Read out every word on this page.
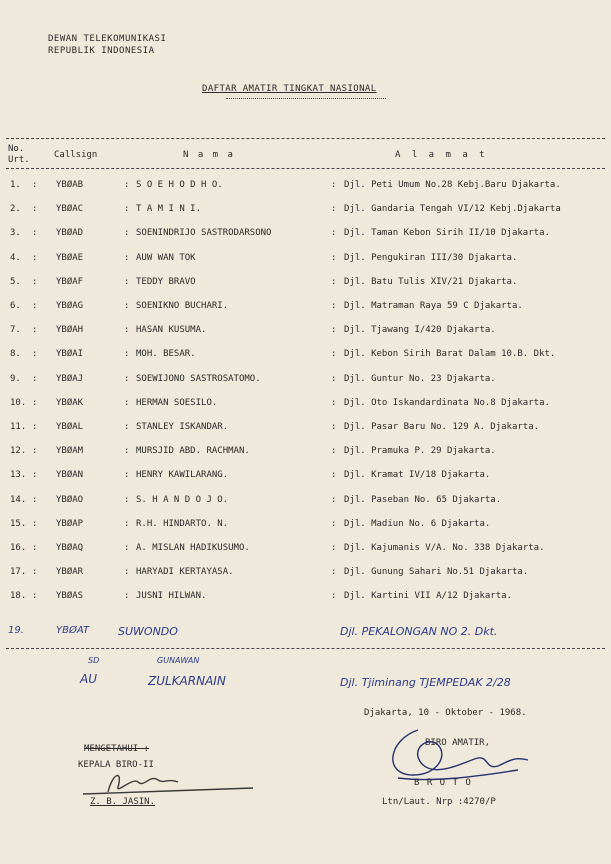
DEWAN TELEKOMUNIKASI
REPUBLIK INDONESIA
DAFTAR AMATIR TINGKAT NASIONAL
No.
Urt.	Callsign	N a m a	A l a m a t
1.	YBØAB	S O E H O D H O.	Djl. Peti Umum No.28 Kebj.Baru Djakarta.
:	:	:
2.	YBØAC	T A M I N I.	Djl. Gandaria Tengah VI/12 Kebj.Djakarta
:	:	:
3.	YBØAD	SOENINDRIJO SASTRODARSONO	Djl. Taman Kebon Sirih II/10 Djakarta.
:	:	:
4.	YBØAE	AUW WAN TOK	Djl. Pengukiran III/30 Djakarta.
:	:	:
5.	YBØAF	TEDDY BRAVO	Djl. Batu Tulis XIV/21 Djakarta.
:	:	:
6.	YBØAG	SOENIKNO BUCHARI.	Djl. Matraman Raya 59 C Djakarta.
:	:	:
7.	YBØAH	HASAN KUSUMA.	Djl. Tjawang I/420 Djakarta.
:	:	:
8.	YBØAI	MOH. BESAR.	Djl. Kebon Sirih Barat Dalam 10.B. Dkt.
:	:	:
9.	YBØAJ	SOEWIJONO SASTROSATOMO.	Djl. Guntur No. 23 Djakarta.
:	:	:
10.	YBØAK	HERMAN SOESILO.	Djl. Oto Iskandardinata No.8 Djakarta.
:	:	:
11.	YBØAL	STANLEY ISKANDAR.	Djl. Pasar Baru No. 129 A. Djakarta.
:	:	:
12.	YBØAM	MURSJID ABD. RACHMAN.	Djl. Pramuka P. 29 Djakarta.
:	:	:
13.	YBØAN	HENRY KAWILARANG.	Djl. Kramat IV/18 Djakarta.
:	:	:
14.	YBØAO	S. H A N D O J O.	Djl. Paseban No. 65 Djakarta.
:	:	:
15.	YBØAP	R.H. HINDARTO. N.	Djl. Madiun No. 6 Djakarta.
:	:	:
16.	YBØAQ	A. MISLAN HADIKUSUMO.	Djl. Kajumanis V/A. No. 338 Djakarta.
:	:	:
17.	YBØAR	HARYADI KERTAYASA.	Djl. Gunung Sahari No.51 Djakarta.
:	:	:
18.	YBØAS	JUSNI HILWAN.	Djl. Kartini VII A/12 Djakarta.
:	:	:
19.	YBØAT	SUWONDO	Djl. PEKALONGAN NO 2. Dkt.
SD	GUNAWAN
AU	ZULKARNAIN	Djl. Tjiminang TJEMPEDAK 2/28
Djakarta, 10 - Oktober - 1968.
BIRO AMATIR,
B R O T O
Ltn/Laut. Nrp :4270/P
MENGETAHUI :
KEPALA BIRO-II
Z. B. JASIN.
